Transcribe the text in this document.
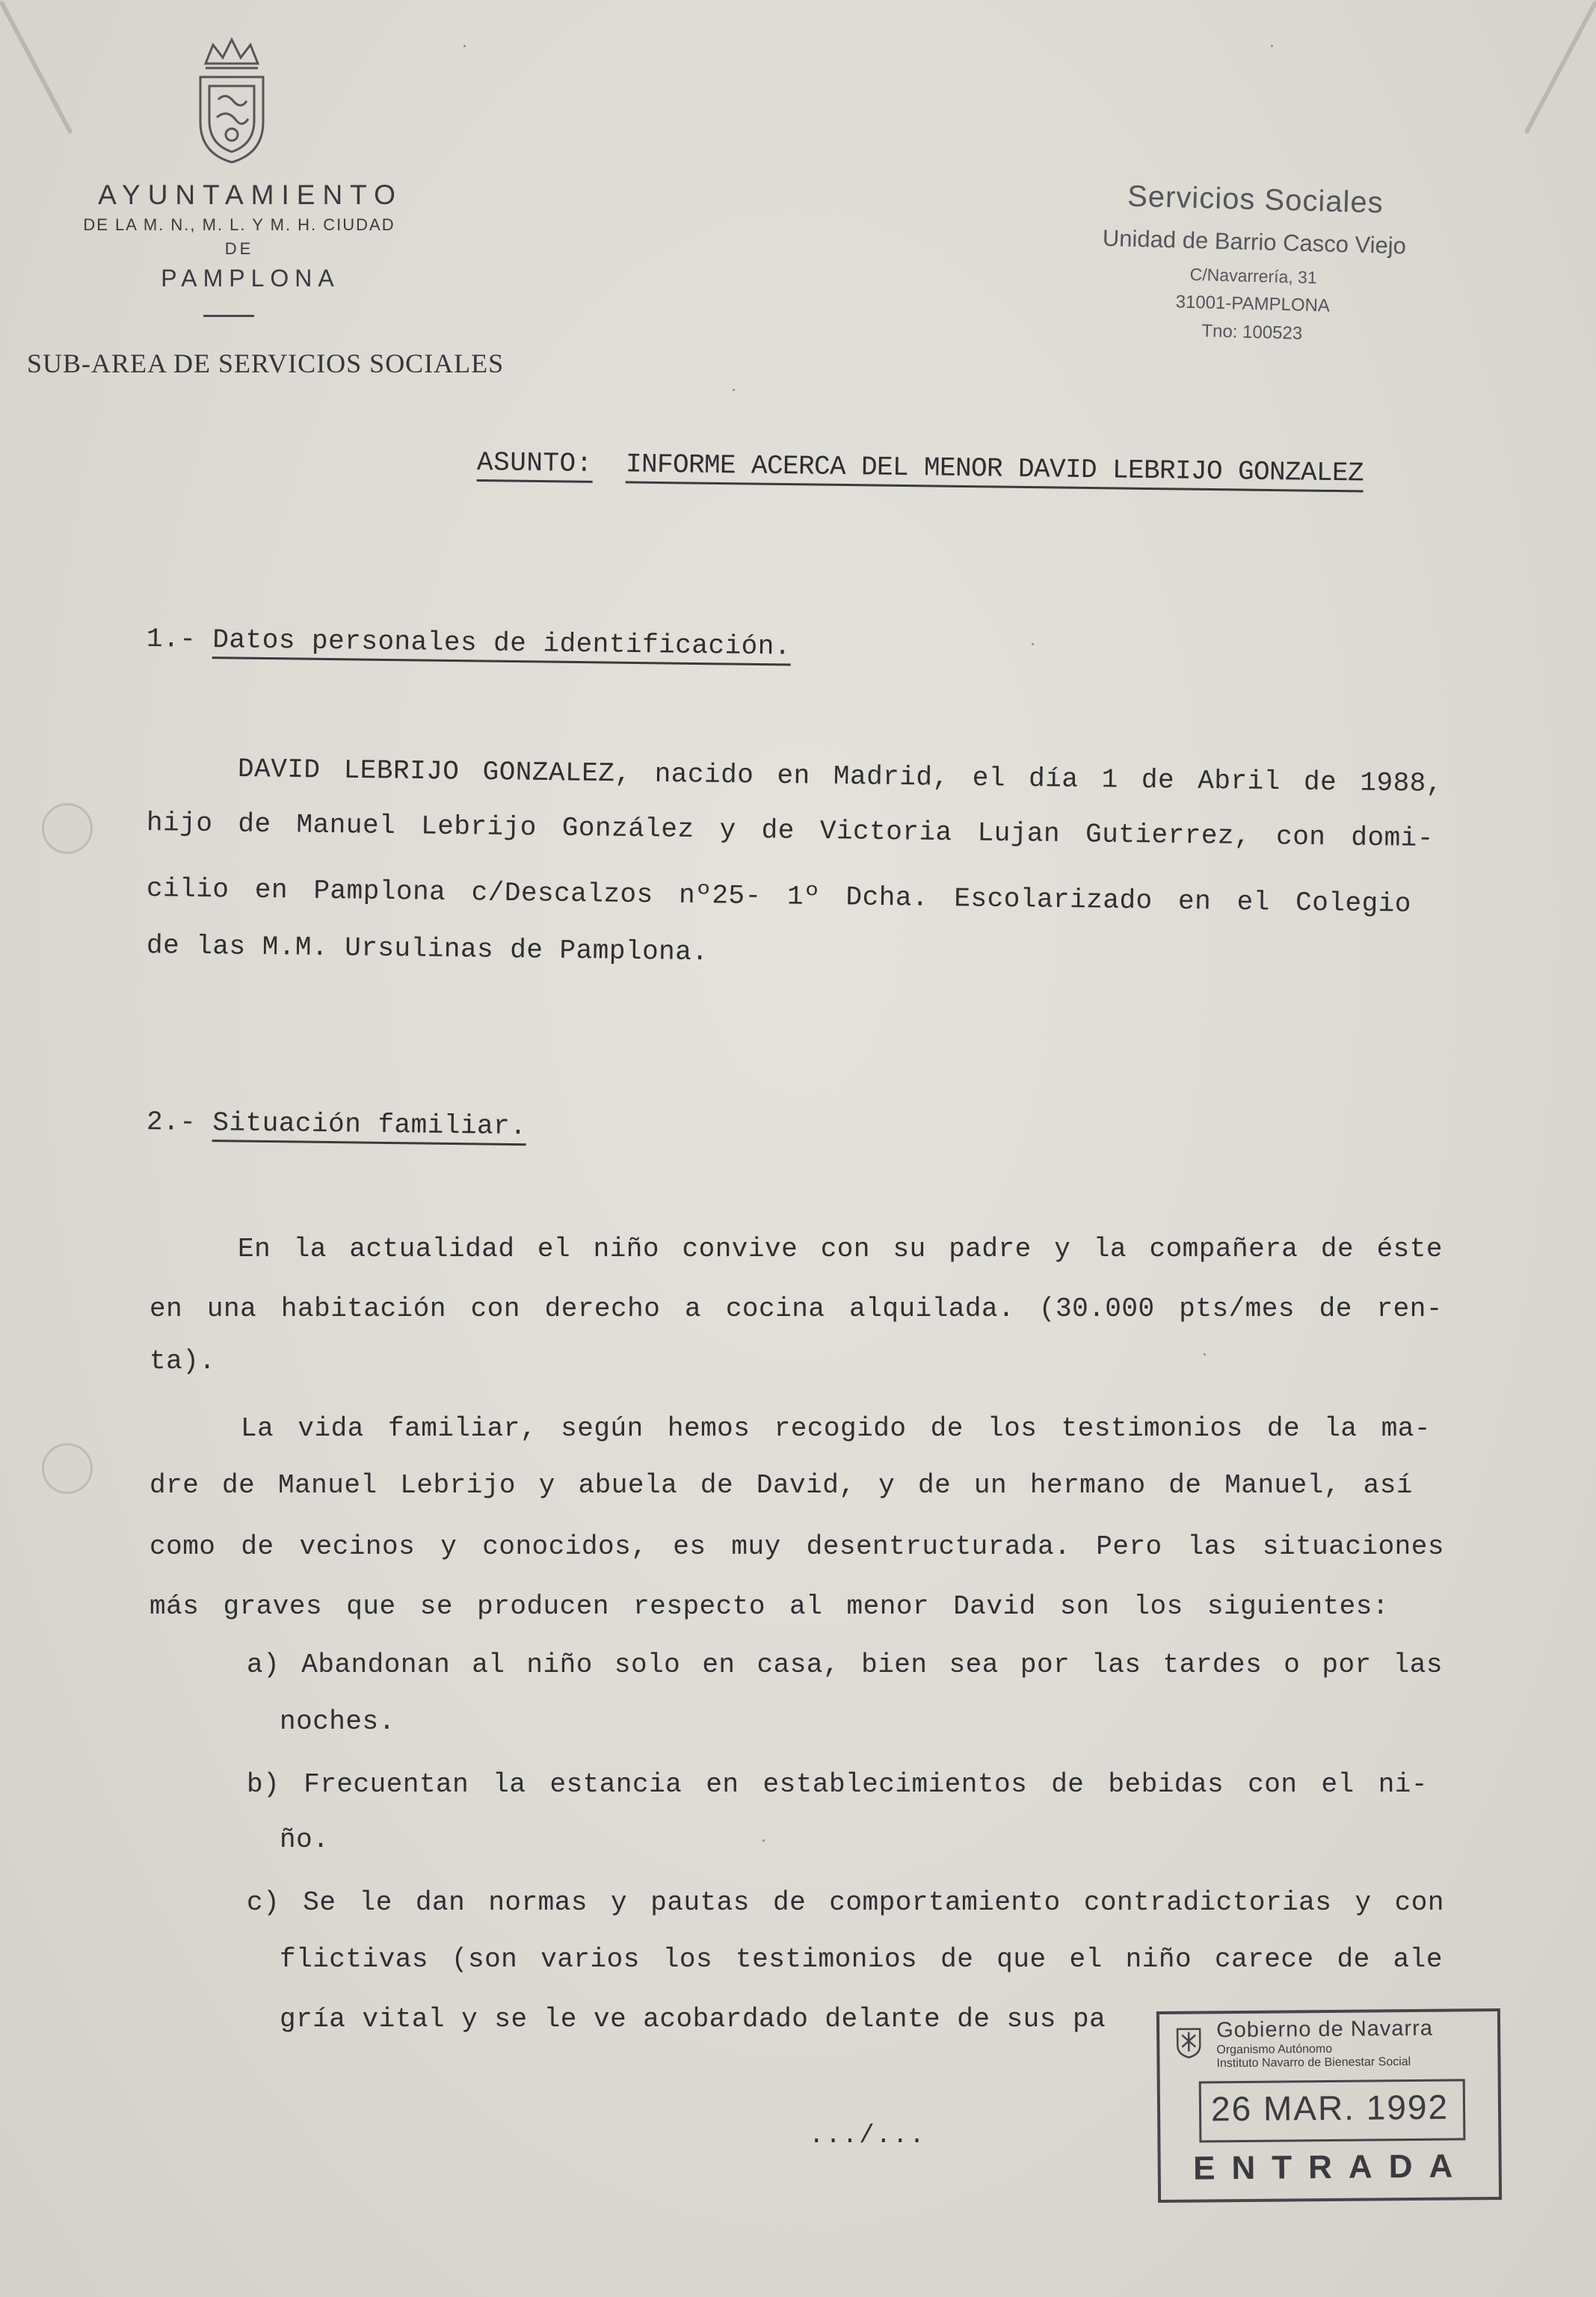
AYUNTAMIENTO
DE LA M. N., M. L. Y M. H. CIUDAD
DE
PAMPLONA
SUB-AREA DE SERVICIOS SOCIALES
Servicios Sociales
Unidad de Barrio Casco Viejo
C/Navarrería, 31
31001-PAMPLONA
Tno: 100523
ASUNTO: INFORME ACERCA DEL MENOR DAVID LEBRIJO GONZALEZ
1.- Datos personales de identificación.
DAVID LEBRIJO GONZALEZ, nacido en Madrid, el día 1 de Abril de 1988,
hijo de Manuel Lebrijo González y de Victoria Lujan Gutierrez, con domi-
cilio en Pamplona c/Descalzos nº25- 1º Dcha. Escolarizado en el Colegio
de las M.M. Ursulinas de Pamplona.
2.- Situación familiar.
En la actualidad el niño convive con su padre y la compañera de éste
en una habitación con derecho a cocina alquilada. (30.000 pts/mes de ren-
ta).
La vida familiar, según hemos recogido de los testimonios de la ma-
dre de Manuel Lebrijo y abuela de David, y de un hermano de Manuel, así
como de vecinos y conocidos, es muy desentructurada. Pero las situaciones
más graves que se producen respecto al menor David son los siguientes:
a) Abandonan al niño solo en casa, bien sea por las tardes o por las
noches.
b) Frecuentan la estancia en establecimientos de bebidas con el ni-
ño.
c) Se le dan normas y pautas de comportamiento contradictorias y con
flictivas (son varios los testimonios de que el niño carece de ale
gría vital y se le ve acobardado delante de sus pa	Gobierno de Navarra
Organismo Autónomo
Instituto Navarro de Bienestar Social
26 MAR. 1992
ENTRADA
.../...
